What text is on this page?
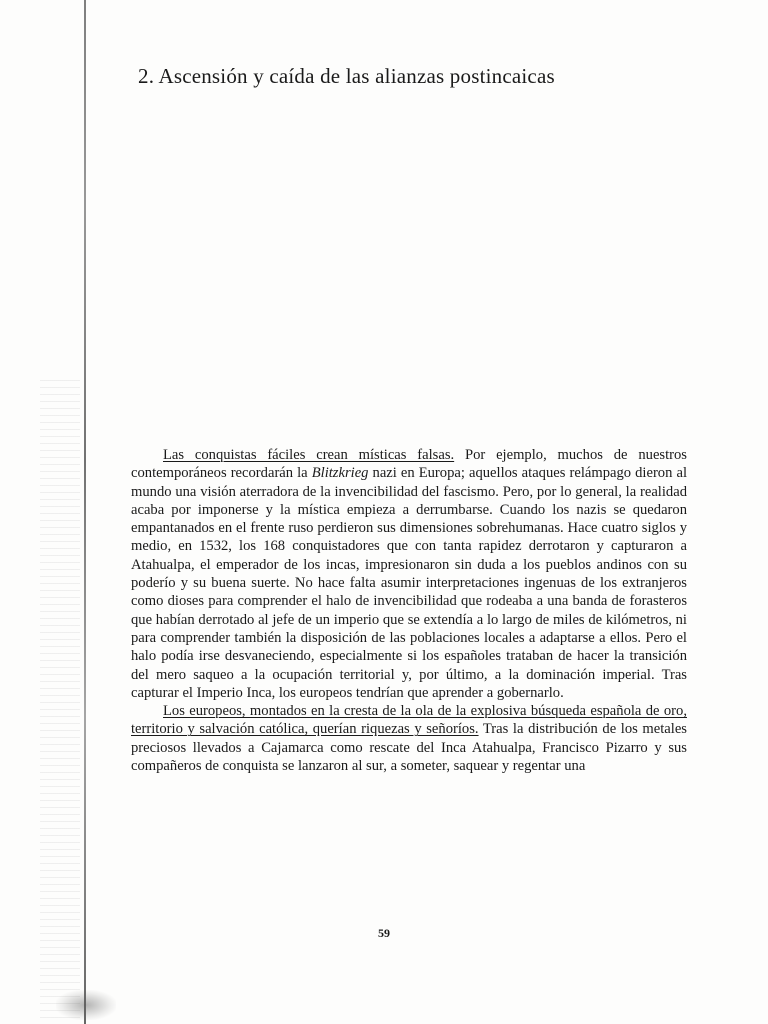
2. Ascensión y caída de las alianzas postincaicas

Las conquistas fáciles crean místicas falsas. Por ejemplo, muchos de nuestros contemporáneos recordarán la Blitzkrieg nazi en Europa; aquellos ataques relámpago dieron al mundo una visión aterradora de la invencibilidad del fascismo. Pero, por lo general, la realidad acaba por imponerse y la mística empieza a derrumbarse. Cuando los nazis se quedaron empantanados en el frente ruso perdieron sus dimensiones sobrehumanas. Hace cuatro siglos y medio, en 1532, los 168 conquistadores que con tanta rapidez derrotaron y capturaron a Atahualpa, el emperador de los incas, impresionaron sin duda a los pueblos andinos con su poderío y su buena suerte. No hace falta asumir interpretaciones ingenuas de los extranjeros como dioses para comprender el halo de invencibilidad que rodeaba a una banda de forasteros que habían derrotado al jefe de un imperio que se extendía a lo largo de miles de kilómetros, ni para comprender también la disposición de las poblaciones locales a adaptarse a ellos. Pero el halo podía irse desvaneciendo, especialmente si los españoles trataban de hacer la transición del mero saqueo a la ocupación territorial y, por último, a la dominación imperial. Tras capturar el Imperio Inca, los europeos tendrían que aprender a gobernarlo.

Los europeos, montados en la cresta de la ola de la explosiva búsqueda española de oro, territorio y salvación católica, querían riquezas y señoríos. Tras la distribución de los metales preciosos llevados a Cajamarca como rescate del Inca Atahualpa, Francisco Pizarro y sus compañeros de conquista se lanzaron al sur, a someter, saquear y regentar una

59
